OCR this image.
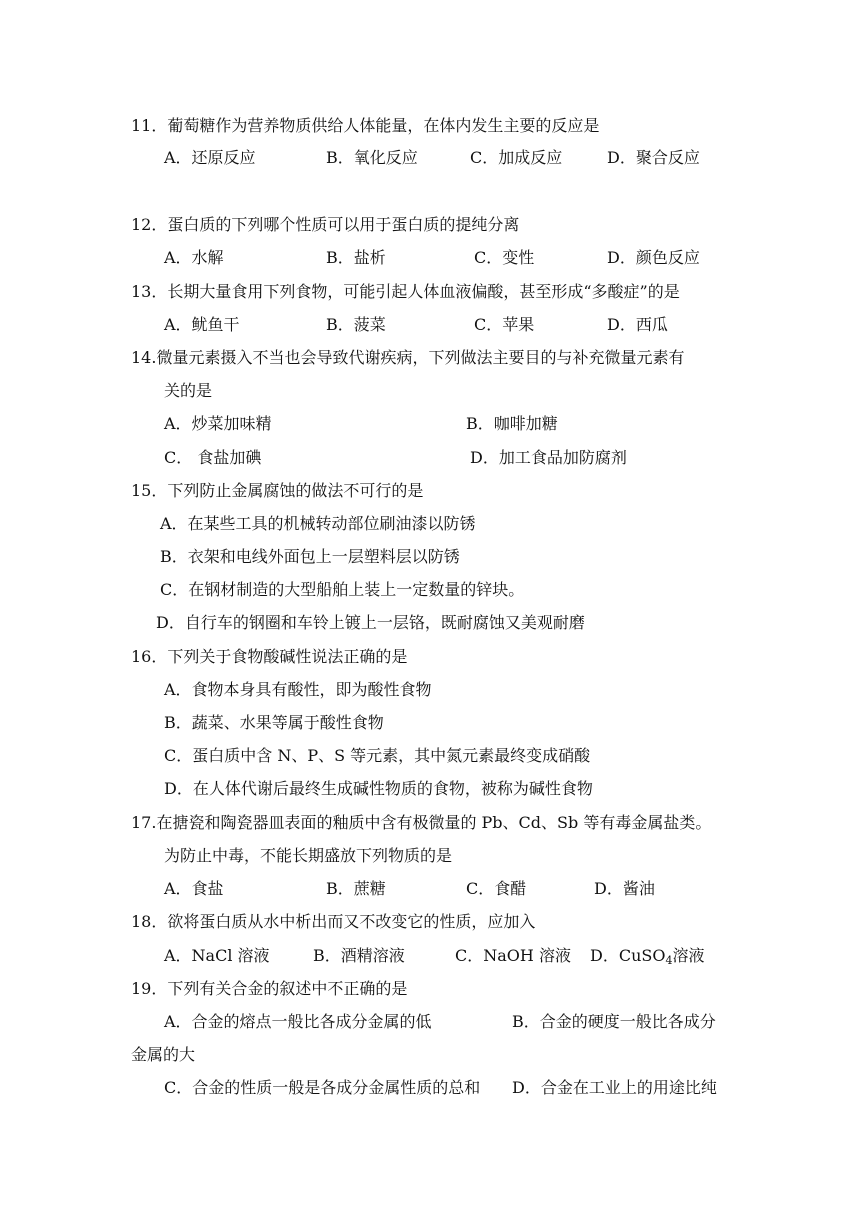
11．葡萄糖作为营养物质供给人体能量，在体内发生主要的反应是
A．还原反应	B．氧化反应	C．加成反应	D．聚合反应
12．蛋白质的下列哪个性质可以用于蛋白质的提纯分离
A．水解	B．盐析	C．变性	D．颜色反应
13．长期大量食用下列食物，可能引起人体血液偏酸，甚至形成“多酸症”的是
A．鱿鱼干	B．菠菜	C．苹果	D．西瓜
14.微量元素摄入不当也会导致代谢疾病，下列做法主要目的与补充微量元素有
关的是
A．炒菜加味精	B．咖啡加糖
C． 食盐加碘	D．加工食品加防腐剂
15．下列防止金属腐蚀的做法不可行的是
A．在某些工具的机械转动部位刷油漆以防锈
B．衣架和电线外面包上一层塑料层以防锈
C．在钢材制造的大型船舶上装上一定数量的锌块。
D．自行车的钢圈和车铃上镀上一层铬，既耐腐蚀又美观耐磨
16．下列关于食物酸碱性说法正确的是
A．食物本身具有酸性，即为酸性食物
B．蔬菜、水果等属于酸性食物
C．蛋白质中含 N、P、S 等元素，其中氮元素最终变成硝酸
D．在人体代谢后最终生成碱性物质的食物，被称为碱性食物
17.在搪瓷和陶瓷器皿表面的釉质中含有极微量的 Pb、Cd、Sb 等有毒金属盐类。
为防止中毒，不能长期盛放下列物质的是
A．食盐	B．蔗糖	C．食醋	D．酱油
18．欲将蛋白质从水中析出而又不改变它的性质，应加入
A．NaCl 溶液	B．酒精溶液	C．NaOH 溶液 D．CuSO$_4$溶液
19．下列有关合金的叙述中不正确的是
A．合金的熔点一般比各成分金属的低	B．合金的硬度一般比各成分
金属的大
C．合金的性质一般是各成分金属性质的总和 D．合金在工业上的用途比纯
